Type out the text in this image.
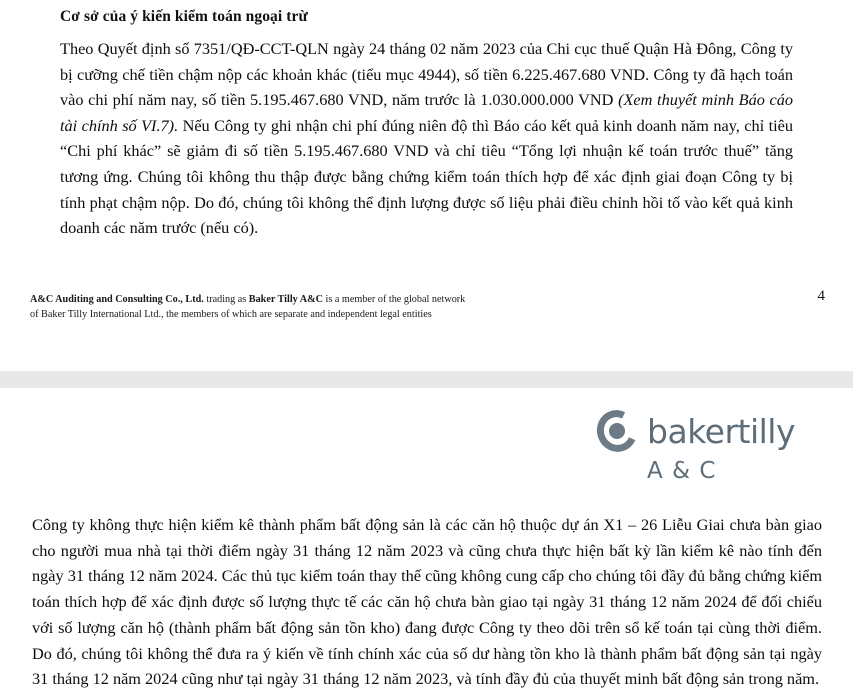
Cơ sở của ý kiến kiểm toán ngoại trừ
Theo Quyết định số 7351/QĐ-CCT-QLN ngày 24 tháng 02 năm 2023 của Chi cục thuế Quận Hà Đông, Công ty bị cưỡng chế tiền chậm nộp các khoản khác (tiểu mục 4944), số tiền 6.225.467.680 VND. Công ty đã hạch toán vào chi phí năm nay, số tiền 5.195.467.680 VND, năm trước là 1.030.000.000 VND (Xem thuyết minh Báo cáo tài chính số VI.7). Nếu Công ty ghi nhận chi phí đúng niên độ thì Báo cáo kết quả kinh doanh năm nay, chỉ tiêu “Chi phí khác” sẽ giảm đi số tiền 5.195.467.680 VND và chỉ tiêu “Tổng lợi nhuận kế toán trước thuế” tăng tương ứng. Chúng tôi không thu thập được bằng chứng kiểm toán thích hợp để xác định giai đoạn Công ty bị tính phạt chậm nộp. Do đó, chúng tôi không thể định lượng được số liệu phải điều chỉnh hồi tố vào kết quả kinh doanh các năm trước (nếu có).
A&C Auditing and Consulting Co., Ltd. trading as Baker Tilly A&C is a member of the global network
of Baker Tilly International Ltd., the members of which are separate and independent legal entities
4
bakertilly
A & C
Công ty không thực hiện kiểm kê thành phẩm bất động sản là các căn hộ thuộc dự án X1 – 26 Liễu Giai chưa bàn giao cho người mua nhà tại thời điểm ngày 31 tháng 12 năm 2023 và cũng chưa thực hiện bất kỳ lần kiểm kê nào tính đến ngày 31 tháng 12 năm 2024. Các thủ tục kiểm toán thay thế cũng không cung cấp cho chúng tôi đầy đủ bằng chứng kiểm toán thích hợp để xác định được số lượng thực tế các căn hộ chưa bàn giao tại ngày 31 tháng 12 năm 2024 để đối chiếu với số lượng căn hộ (thành phẩm bất động sản tồn kho) đang được Công ty theo dõi trên sổ kế toán tại cùng thời điểm. Do đó, chúng tôi không thể đưa ra ý kiến về tính chính xác của số dư hàng tồn kho là thành phẩm bất động sản tại ngày 31 tháng 12 năm 2024 cũng như tại ngày 31 tháng 12 năm 2023, và tính đầy đủ của thuyết minh bất động sản trong năm.
